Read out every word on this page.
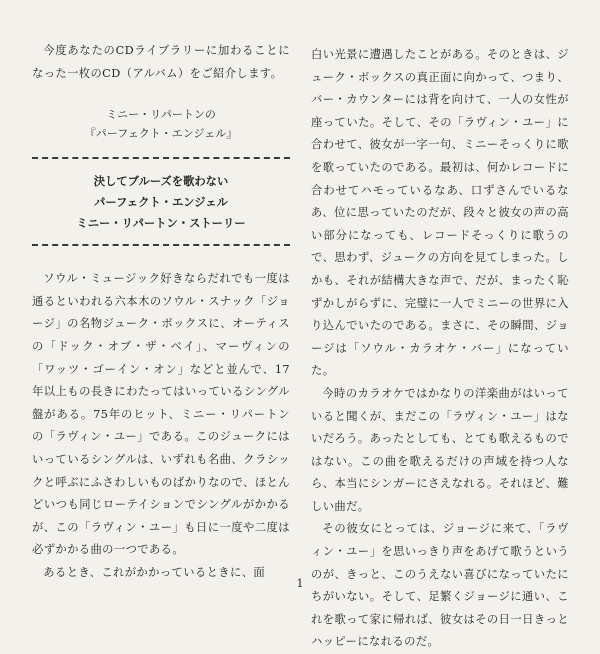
今度あなたのCDライブラリーに加わることになった一枚のCD（アルバム）をご紹介します。

ミニー・リパートンの
『パーフェクト・エンジェル』
決してブルーズを歌わない
パーフェクト・エンジェル
ミニー・リパートン・ストーリー

ソウル・ミュージック好きならだれでも一度は通るといわれる六本木のソウル・スナック「ジョージ」の名物ジューク・ボックスに、オーティスの「ドック・オブ・ザ・ベイ」、マーヴィンの「ワッツ・ゴーイン・オン」などと並んで、17年以上もの長きにわたってはいっているシングル盤がある。75年のヒット、ミニー・リパートンの「ラヴィン・ユー」である。このジュークにはいっているシングルは、いずれも名曲、クラシックと呼ぶにふさわしいものばかりなので、ほとんどいつも同じローテイションでシングルがかかるが、この「ラヴィン・ユー」も日に一度や二度は必ずかかる曲の一つである。

あるとき、これがかかっているときに、面

白い光景に遭遇したことがある。そのときは、ジューク・ボックスの真正面に向かって、つまり、バー・カウンターには背を向けて、一人の女性が座っていた。そして、その「ラヴィン・ユー」に合わせて、彼女が一字一句、ミニーそっくりに歌を歌っていたのである。最初は、何かレコードに合わせてハモっているなあ、口ずさんでいるなあ、位に思っていたのだが、段々と彼女の声の高い部分になっても、レコードそっくりに歌うので、思わず、ジュークの方向を見てしまった。しかも、それが結構大きな声で、だが、まったく恥ずかしがらずに、完璧に一人でミニーの世界に入り込んでいたのである。まさに、その瞬間、ジョージは「ソウル・カラオケ・バー」になっていた。

今時のカラオケではかなりの洋楽曲がはいっていると聞くが、まだこの「ラヴィン・ユー」はないだろう。あったとしても、とても歌えるものではない。この曲を歌えるだけの声域を持つ人なら、本当にシンガーにさえなれる。それほど、難しい曲だ。

その彼女にとっては、ジョージに来て、「ラヴィン・ユー」を思いっきり声をあげて歌うというのが、きっと、このうえない喜びになっていたにちがいない。そして、足繁くジョージに通い、これを歌って家に帰れば、彼女はその日一日きっとハッピーになれるのだ。

1
